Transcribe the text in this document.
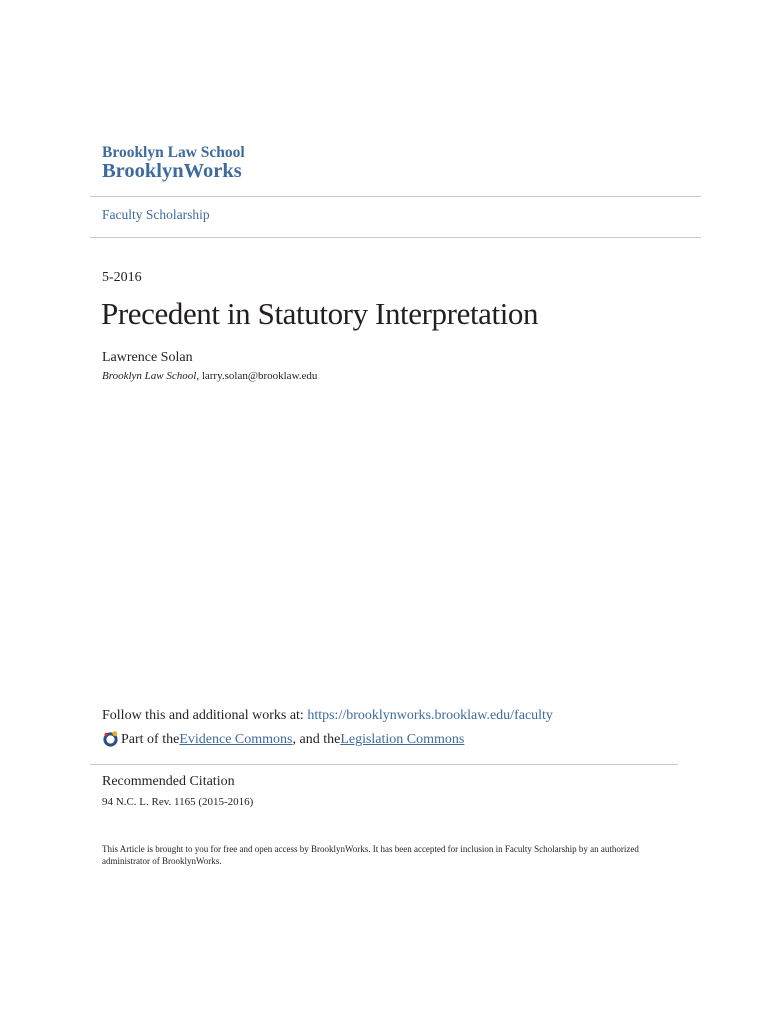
Brooklyn Law School
BrooklynWorks
Faculty Scholarship
5-2016
Precedent in Statutory Interpretation
Lawrence Solan
Brooklyn Law School, larry.solan@brooklaw.edu
Follow this and additional works at: https://brooklynworks.brooklaw.edu/faculty
Part of the Evidence Commons , and the Legislation Commons
Recommended Citation
94 N.C. L. Rev. 1165 (2015-2016)
This Article is brought to you for free and open access by BrooklynWorks. It has been accepted for inclusion in Faculty Scholarship by an authorized administrator of BrooklynWorks.
